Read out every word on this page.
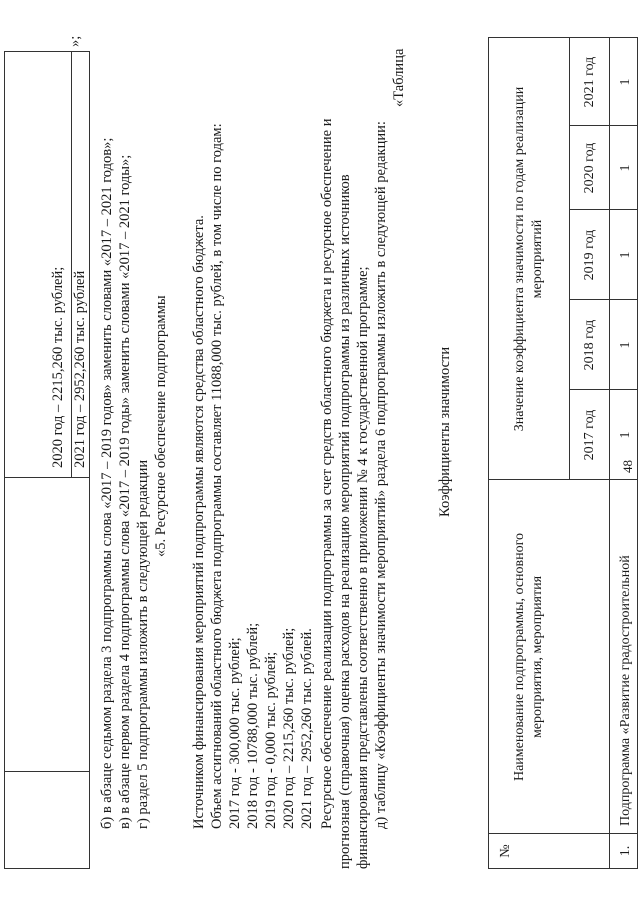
48
2020 год – 2215,260 тыс. рублей; 2021 год – 2952,260 тыс. рублей
»;
б) в абзаце седьмом раздела 3 подпрограммы слова «2017 – 2019 годов» заменить словами «2017 – 2021 годов»; в) в абзаце первом раздела 4 подпрограммы слова «2017 – 2019 годы» заменить словами «2017 – 2021 годы»; г) раздел 5 подпрограммы изложить в следующей редакции
«5. Ресурсное обеспечение подпрограммы Источником финансирования мероприятий подпрограммы являются средства областного бюджета. Объем ассигнований областного бюджета подпрограммы составляет 11088,000 тыс. рублей, в том числе по годам: 2017 год - 300,000 тыс. рублей; 2018 год - 10788,000 тыс. рублей; 2019 год - 0,000 тыс. рублей; 2020 год – 2215,260 тыс. рублей; 2021 год – 2952,260 тыс. рублей. Ресурсное обеспечение реализации подпрограммы за счет средств областного бюджета и ресурсное обеспечение и прогнозная (справочная) оценка расходов на реализацию мероприятий подпрограммы из различных источников финансирования представлены соответственно в приложении № 4 к государственной программе; д) таблицу «Коэффициенты значимости мероприятий» раздела 6 подпрограммы изложить в следующей редакции:
«Таблица
Коэффициенты значимости
№
Наименование подпрограммы, основного мероприятия, мероприятия
Значение коэффициента значимости по годам реализации мероприятий
2017 год
2018 год
2019 год
2020 год
2021 год
1.
Подпрограмма «Развитие градостроительной
1
1
1
1
1
